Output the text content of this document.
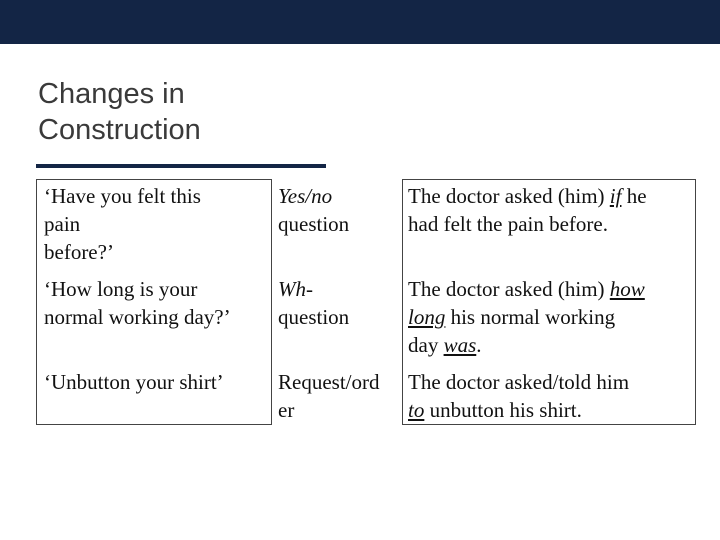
Changes in
Construction
‘Have you felt this
pain
before?’
Yes/no
question
The doctor asked (him) if he
had felt the pain before.
‘How long is your
normal working day?’
Wh-
question
The doctor asked (him) how
long his normal working
day was.
‘Unbutton your shirt’	Request/ord
er
The doctor asked/told him
to unbutton his shirt.
